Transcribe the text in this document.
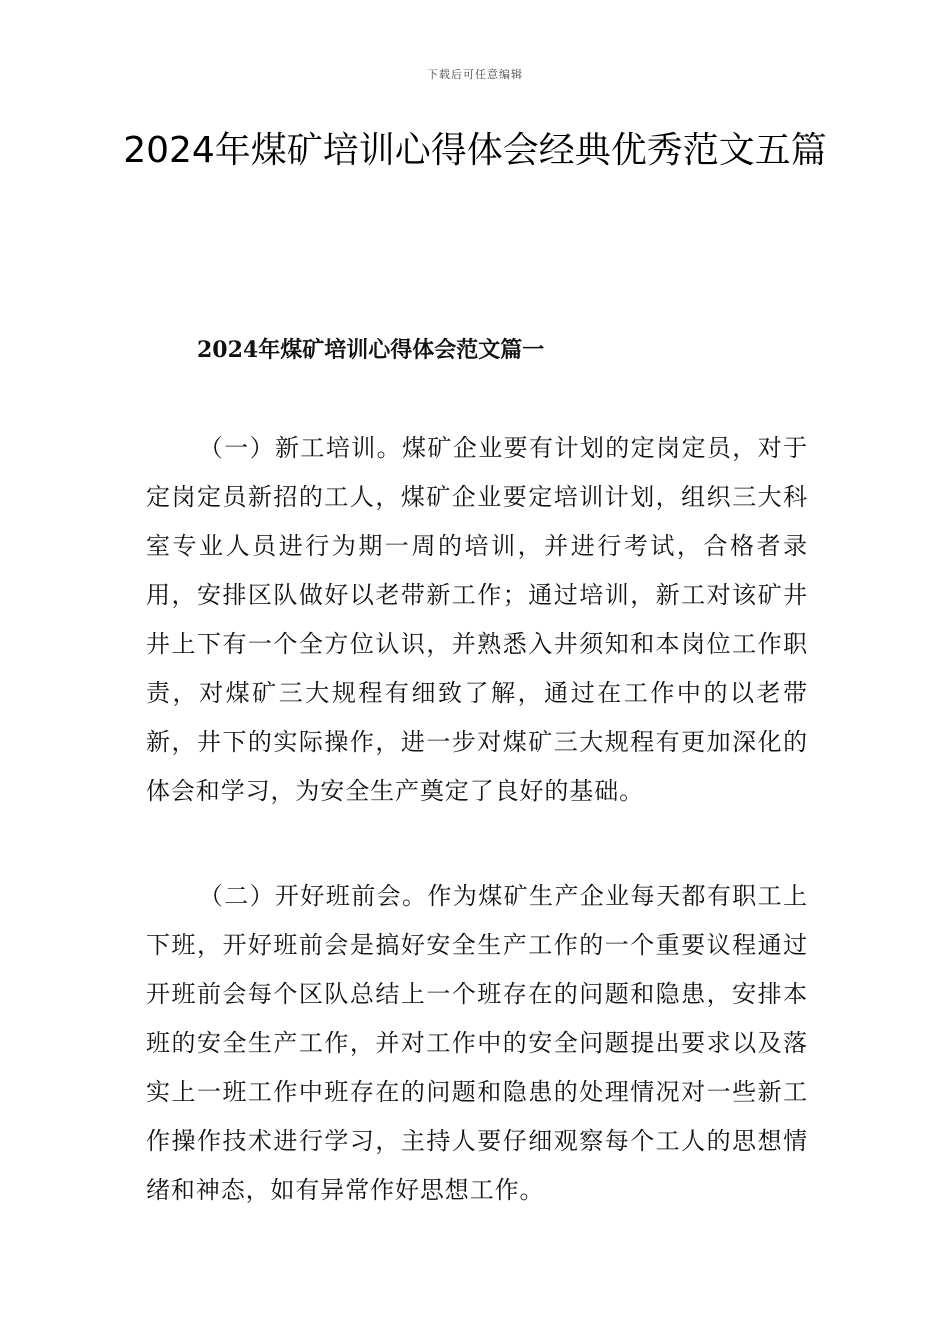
下载后可任意编辑
2024年煤矿培训心得体会经典优秀范文五篇
2024年煤矿培训心得体会范文篇一

（一）新工培训。煤矿企业要有计划的定岗定员，对于定岗定员新招的工人，煤矿企业要定培训计划，组织三大科室专业人员进行为期一周的培训，并进行考试，合格者录用，安排区队做好以老带新工作；通过培训，新工对该矿井井上下有一个全方位认识，并熟悉入井须知和本岗位工作职责，对煤矿三大规程有细致了解，通过在工作中的以老带新，井下的实际操作，进一步对煤矿三大规程有更加深化的体会和学习，为安全生产奠定了良好的基础。

（二）开好班前会。作为煤矿生产企业每天都有职工上下班，开好班前会是搞好安全生产工作的一个重要议程通过开班前会每个区队总结上一个班存在的问题和隐患，安排本班的安全生产工作，并对工作中的安全问题提出要求以及落实上一班工作中班存在的问题和隐患的处理情况对一些新工作操作技术进行学习，主持人要仔细观察每个工人的思想情绪和神态，如有异常作好思想工作。
